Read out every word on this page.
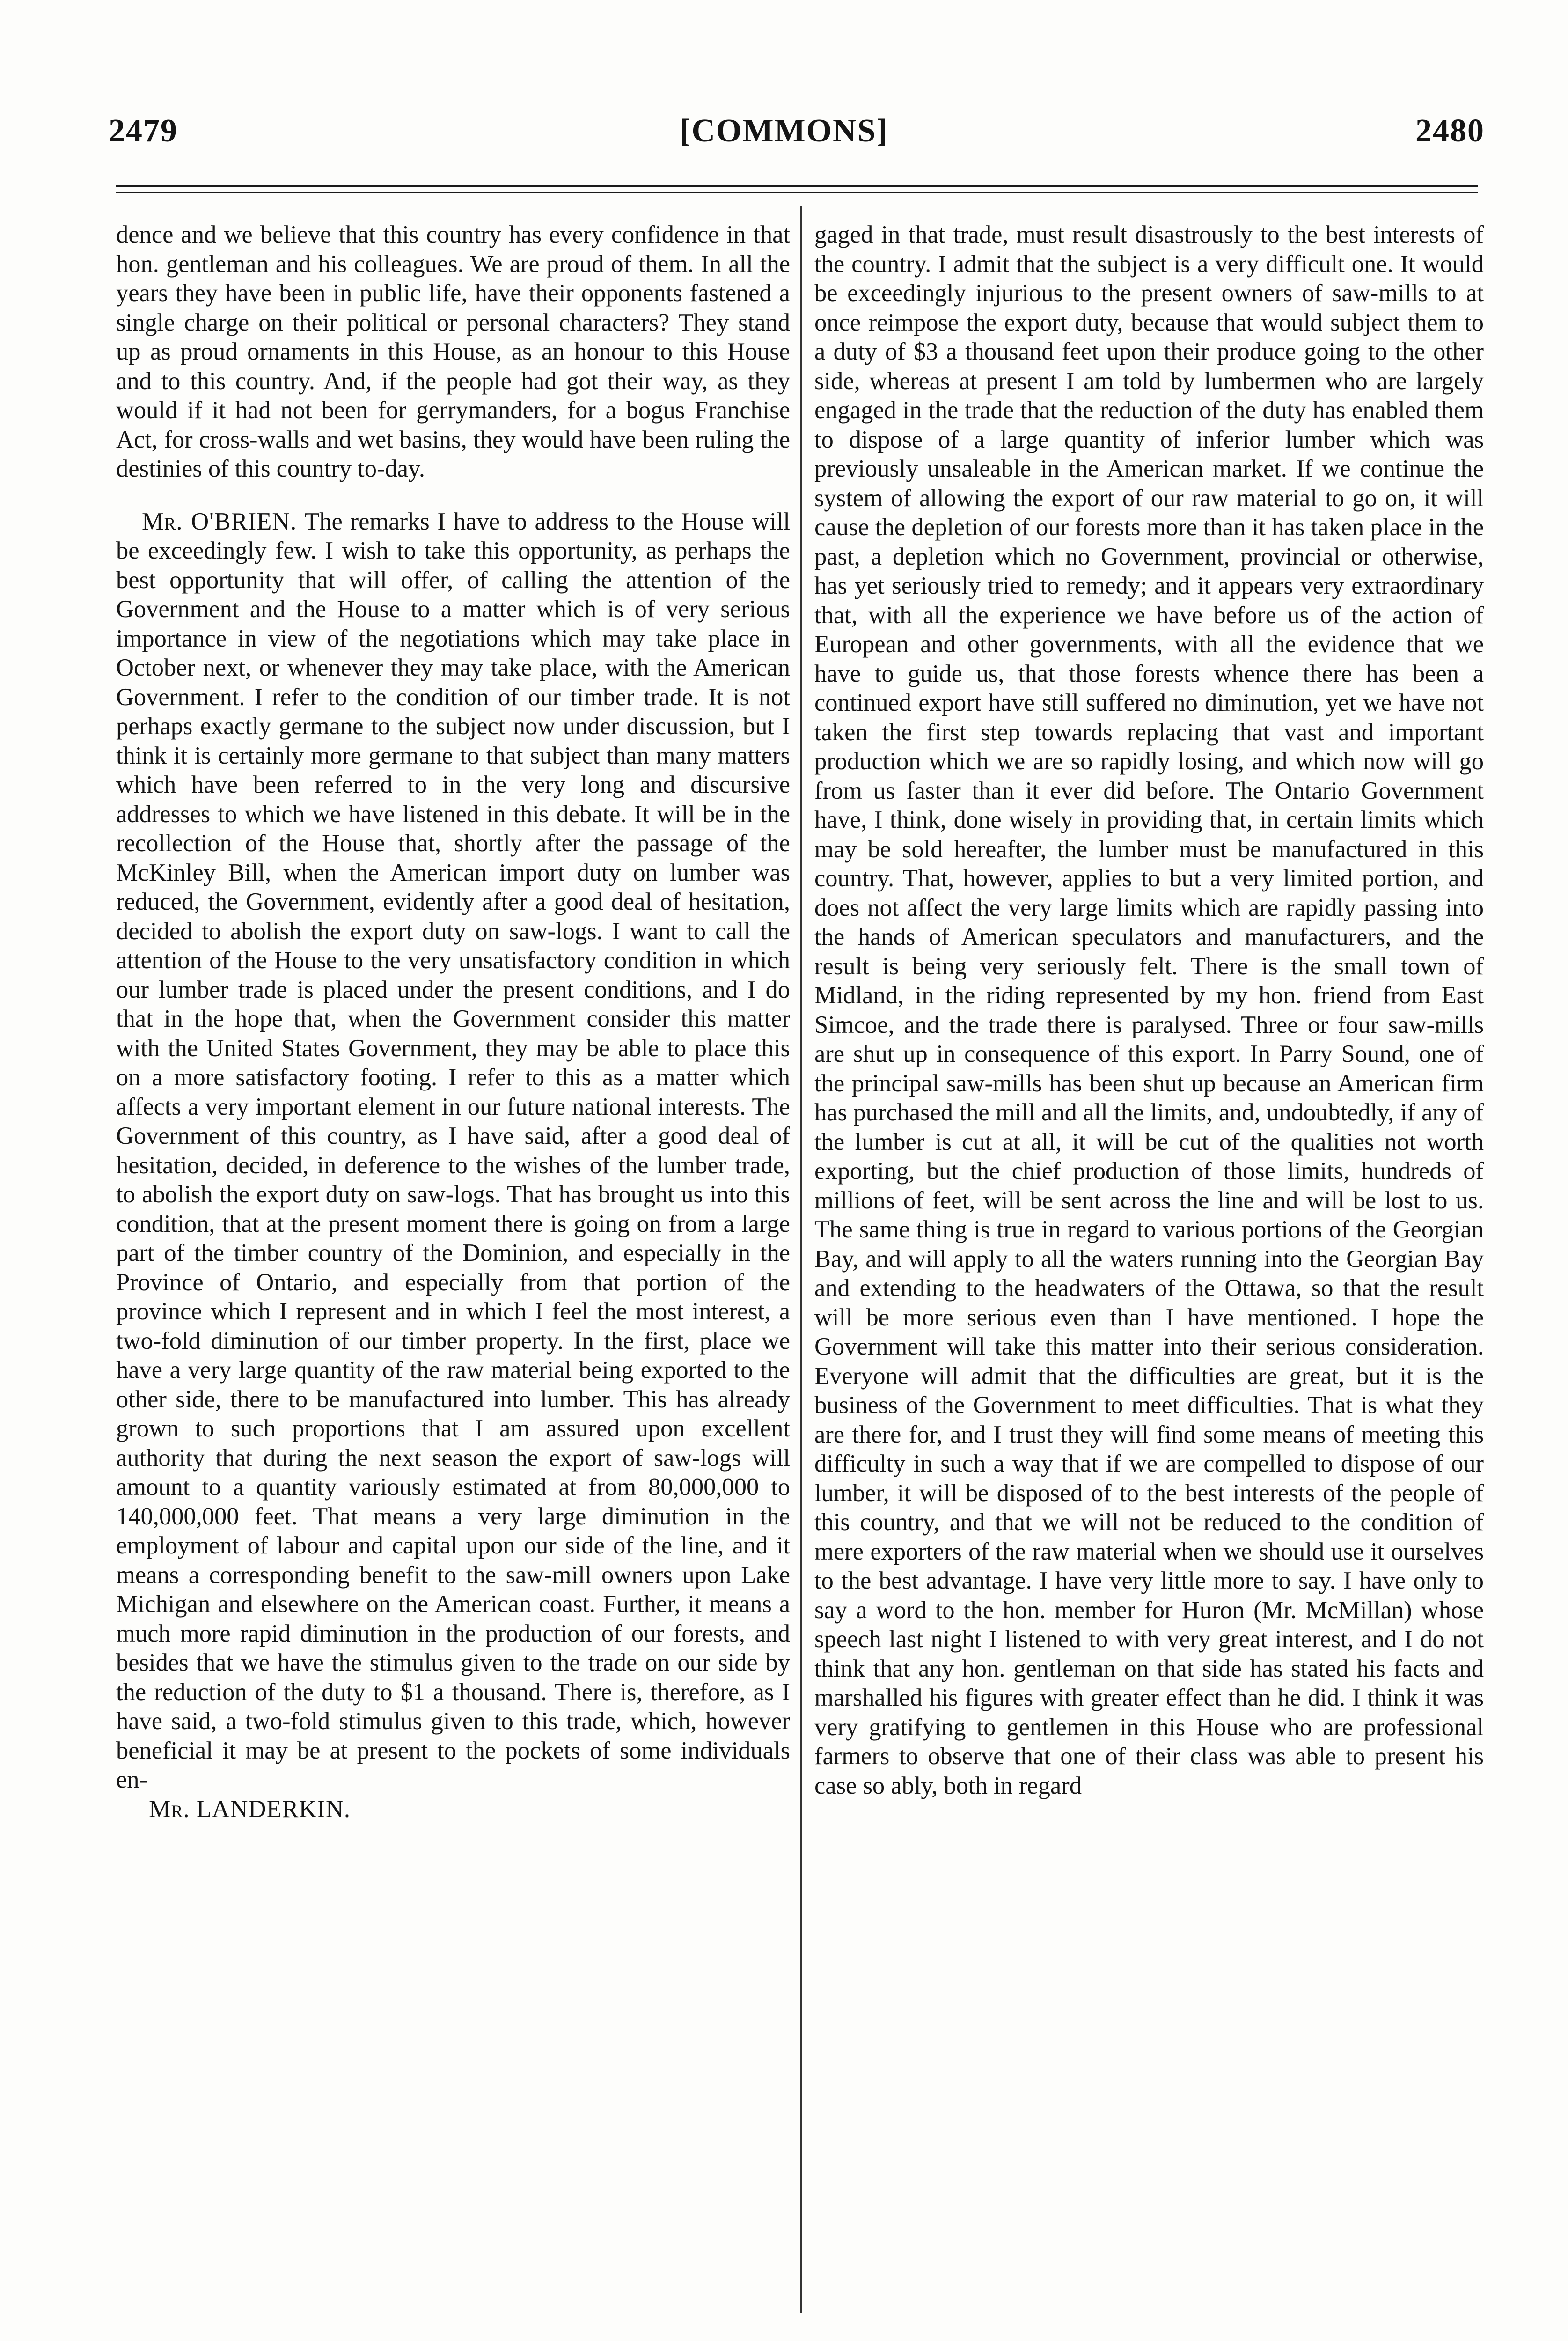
2479	[COMMONS]	2480

dence and we believe that this country has every confidence in that hon. gentleman and his colleagues. We are proud of them. In all the years they have been in public life, have their opponents fastened a single charge on their political or personal characters? They stand up as proud ornaments in this House, as an honour to this House and to this country. And, if the people had got their way, as they would if it had not been for gerrymanders, for a bogus Franchise Act, for cross-walls and wet basins, they would have been ruling the destinies of this country to-day.

Mr. O'BRIEN. The remarks I have to address to the House will be exceedingly few. I wish to take this opportunity, as perhaps the best opportunity that will offer, of calling the attention of the Government and the House to a matter which is of very serious importance in view of the negotiations which may take place in October next, or whenever they may take place, with the American Government. I refer to the condition of our timber trade. It is not perhaps exactly germane to the subject now under discussion, but I think it is certainly more germane to that subject than many matters which have been referred to in the very long and discursive addresses to which we have listened in this debate. It will be in the recollection of the House that, shortly after the passage of the McKinley Bill, when the American import duty on lumber was reduced, the Government, evidently after a good deal of hesitation, decided to abolish the export duty on saw-logs. I want to call the attention of the House to the very unsatisfactory condition in which our lumber trade is placed under the present conditions, and I do that in the hope that, when the Government consider this matter with the United States Government, they may be able to place this on a more satisfactory footing. I refer to this as a matter which affects a very important element in our future national interests. The Government of this country, as I have said, after a good deal of hesitation, decided, in deference to the wishes of the lumber trade, to abolish the export duty on saw-logs. That has brought us into this condition, that at the present moment there is going on from a large part of the timber country of the Dominion, and especially in the Province of Ontario, and especially from that portion of the province which I represent and in which I feel the most interest, a two-fold diminution of our timber property. In the first, place we have a very large quantity of the raw material being exported to the other side, there to be manufactured into lumber. This has already grown to such proportions that I am assured upon excellent authority that during the next season the export of saw-logs will amount to a quantity variously estimated at from 80,000,000 to 140,000,000 feet. That means a very large diminution in the employment of labour and capital upon our side of the line, and it means a corresponding benefit to the saw-mill owners upon Lake Michigan and elsewhere on the American coast. Further, it means a much more rapid diminution in the production of our forests, and besides that we have the stimulus given to the trade on our side by the reduction of the duty to $1 a thousand. There is, therefore, as I have said, a two-fold stimulus given to this trade, which, however beneficial it may be at present to the pockets of some individuals en-

Mr. LANDERKIN.

gaged in that trade, must result disastrously to the best interests of the country. I admit that the subject is a very difficult one. It would be exceedingly injurious to the present owners of saw-mills to at once reimpose the export duty, because that would subject them to a duty of $3 a thousand feet upon their produce going to the other side, whereas at present I am told by lumbermen who are largely engaged in the trade that the reduction of the duty has enabled them to dispose of a large quantity of inferior lumber which was previously unsaleable in the American market. If we continue the system of allowing the export of our raw material to go on, it will cause the depletion of our forests more than it has taken place in the past, a depletion which no Government, provincial or otherwise, has yet seriously tried to remedy; and it appears very extraordinary that, with all the experience we have before us of the action of European and other governments, with all the evidence that we have to guide us, that those forests whence there has been a continued export have still suffered no diminution, yet we have not taken the first step towards replacing that vast and important production which we are so rapidly losing, and which now will go from us faster than it ever did before. The Ontario Government have, I think, done wisely in providing that, in certain limits which may be sold hereafter, the lumber must be manufactured in this country. That, however, applies to but a very limited portion, and does not affect the very large limits which are rapidly passing into the hands of American speculators and manufacturers, and the result is being very seriously felt. There is the small town of Midland, in the riding represented by my hon. friend from East Simcoe, and the trade there is paralysed. Three or four saw-mills are shut up in consequence of this export. In Parry Sound, one of the principal saw-mills has been shut up because an American firm has purchased the mill and all the limits, and, undoubtedly, if any of the lumber is cut at all, it will be cut of the qualities not worth exporting, but the chief production of those limits, hundreds of millions of feet, will be sent across the line and will be lost to us. The same thing is true in regard to various portions of the Georgian Bay, and will apply to all the waters running into the Georgian Bay and extending to the headwaters of the Ottawa, so that the result will be more serious even than I have mentioned. I hope the Government will take this matter into their serious consideration. Everyone will admit that the difficulties are great, but it is the business of the Government to meet difficulties. That is what they are there for, and I trust they will find some means of meeting this difficulty in such a way that if we are compelled to dispose of our lumber, it will be disposed of to the best interests of the people of this country, and that we will not be reduced to the condition of mere exporters of the raw material when we should use it ourselves to the best advantage. I have very little more to say. I have only to say a word to the hon. member for Huron (Mr. McMillan) whose speech last night I listened to with very great interest, and I do not think that any hon. gentleman on that side has stated his facts and marshalled his figures with greater effect than he did. I think it was very gratifying to gentlemen in this House who are professional farmers to observe that one of their class was able to present his case so ably, both in regard
